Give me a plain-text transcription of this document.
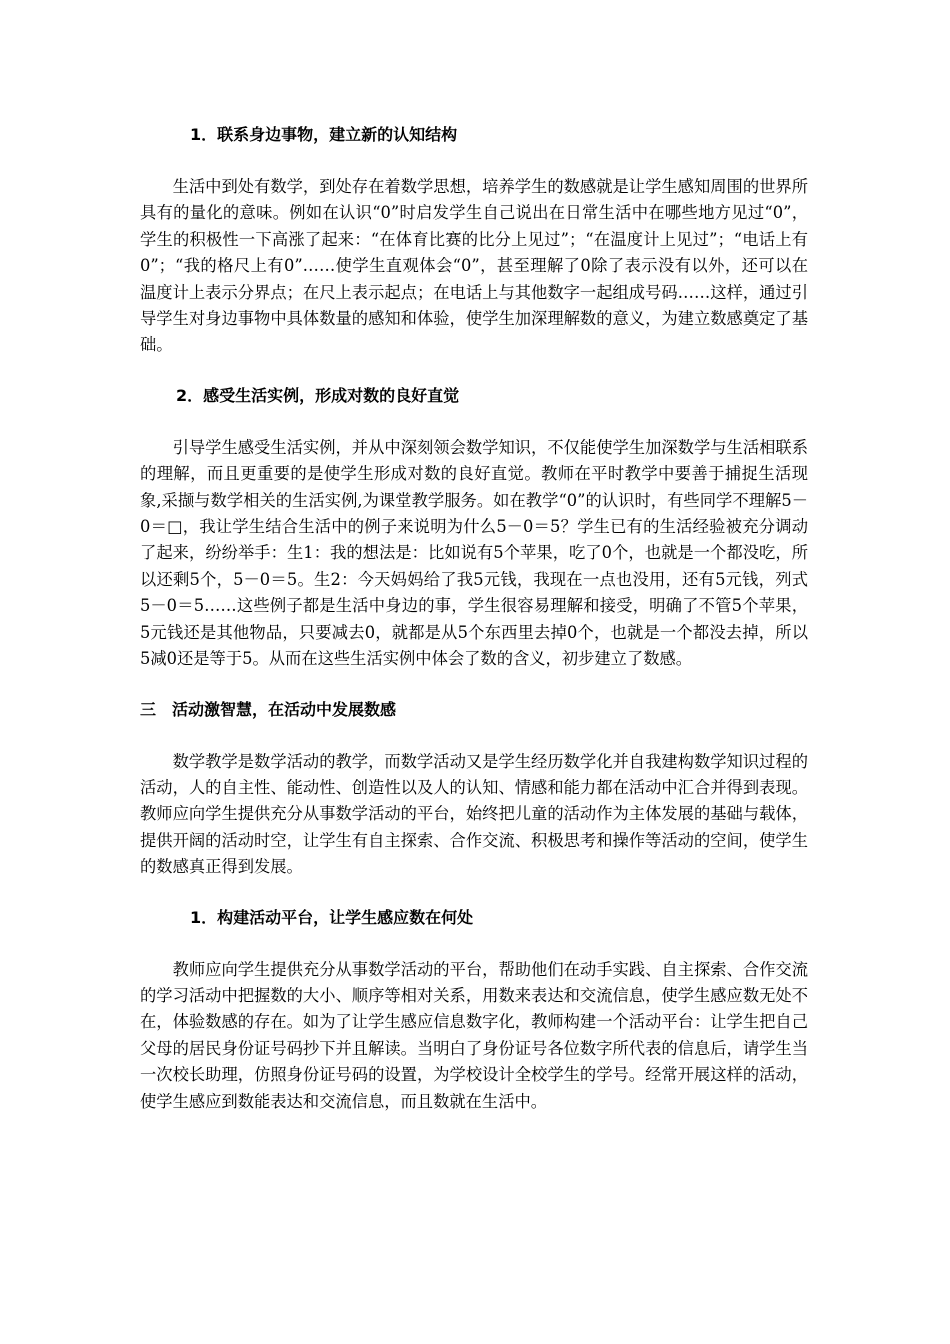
1．联系身边事物，建立新的认知结构

生活中到处有数学，到处存在着数学思想，培养学生的数感就是让学生感知周围的世界所具有的量化的意味。例如在认识“0”时启发学生自己说出在日常生活中在哪些地方见过“0”，学生的积极性一下高涨了起来：“在体育比赛的比分上见过”；“在温度计上见过”；“电话上有0”；“我的格尺上有0”……使学生直观体会“0”，甚至理解了0除了表示没有以外，还可以在温度计上表示分界点；在尺上表示起点；在电话上与其他数字一起组成号码……这样，通过引导学生对身边事物中具体数量的感知和体验，使学生加深理解数的意义，为建立数感奠定了基础。

2．感受生活实例，形成对数的良好直觉

引导学生感受生活实例，并从中深刻领会数学知识，不仅能使学生加深数学与生活相联系的理解，而且更重要的是使学生形成对数的良好直觉。教师在平时教学中要善于捕捉生活现象,采撷与数学相关的生活实例,为课堂教学服务。如在教学“0”的认识时，有些同学不理解5－0＝□，我让学生结合生活中的例子来说明为什么5－0＝5？学生已有的生活经验被充分调动了起来，纷纷举手：生1：我的想法是：比如说有5个苹果，吃了0个，也就是一个都没吃，所以还剩5个，5－0＝5。生2：今天妈妈给了我5元钱，我现在一点也没用，还有5元钱，列式5－0＝5……这些例子都是生活中身边的事，学生很容易理解和接受，明确了不管5个苹果，5元钱还是其他物品，只要减去0，就都是从5个东西里去掉0个，也就是一个都没去掉，所以5减0还是等于5。从而在这些生活实例中体会了数的含义，初步建立了数感。

三　活动激智慧，在活动中发展数感

数学教学是数学活动的教学，而数学活动又是学生经历数学化并自我建构数学知识过程的活动，人的自主性、能动性、创造性以及人的认知、情感和能力都在活动中汇合并得到表现。教师应向学生提供充分从事数学活动的平台，始终把儿童的活动作为主体发展的基础与载体，提供开阔的活动时空，让学生有自主探索、合作交流、积极思考和操作等活动的空间，使学生的数感真正得到发展。

1．构建活动平台，让学生感应数在何处

教师应向学生提供充分从事数学活动的平台，帮助他们在动手实践、自主探索、合作交流的学习活动中把握数的大小、顺序等相对关系，用数来表达和交流信息，使学生感应数无处不在，体验数感的存在。如为了让学生感应信息数字化，教师构建一个活动平台：让学生把自己父母的居民身份证号码抄下并且解读。当明白了身份证号各位数字所代表的信息后，请学生当一次校长助理，仿照身份证号码的设置，为学校设计全校学生的学号。经常开展这样的活动，使学生感应到数能表达和交流信息，而且数就在生活中。
